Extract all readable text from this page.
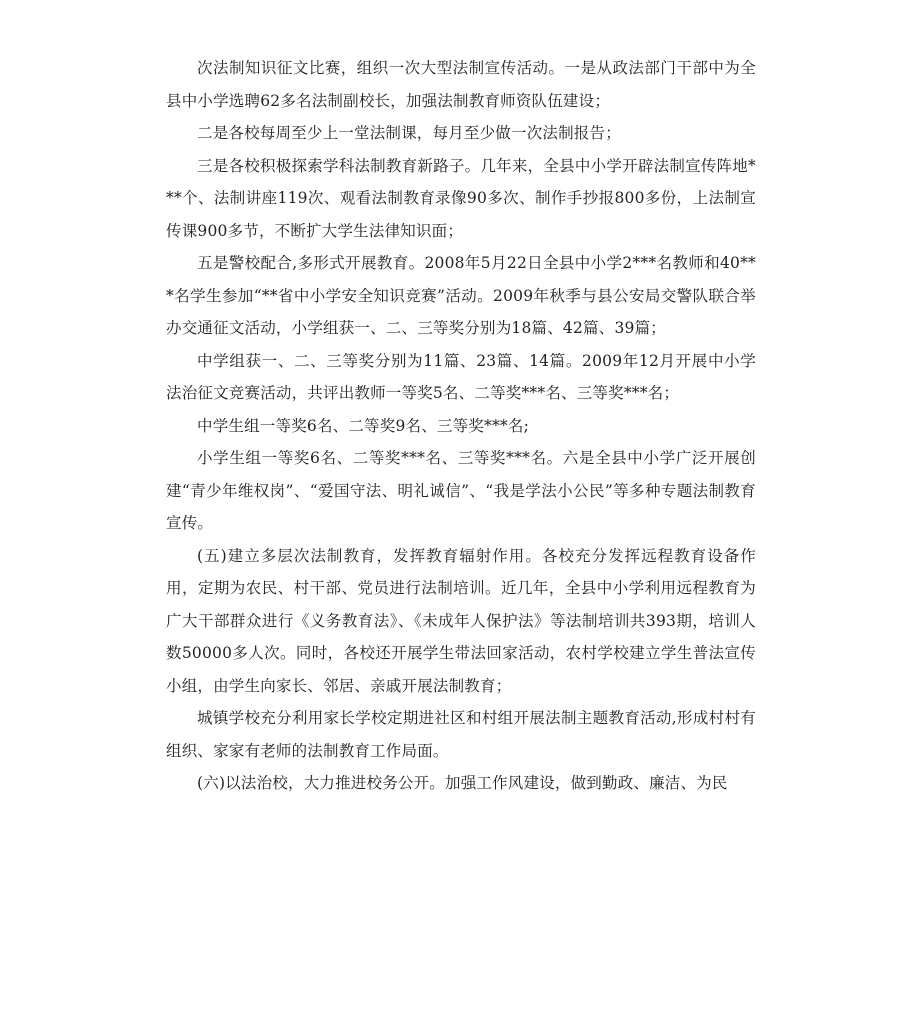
次法制知识征文比赛，组织一次大型法制宣传活动。一是从政法部门干部中为全县中小学选聘62多名法制副校长，加强法制教育师资队伍建设；

二是各校每周至少上一堂法制课，每月至少做一次法制报告；

三是各校积极探索学科法制教育新路子。几年来，全县中小学开辟法制宣传阵地***个、法制讲座119次、观看法制教育录像90多次、制作手抄报800多份，上法制宣传课900多节，不断扩大学生法律知识面；

五是警校配合,多形式开展教育。2008年5月22日全县中小学2***名教师和40***名学生参加“**省中小学安全知识竞赛”活动。2009年秋季与县公安局交警队联合举办交通征文活动，小学组获一、二、三等奖分别为18篇、42篇、39篇；

中学组获一、二、三等奖分别为11篇、23篇、14篇。2009年12月开展中小学法治征文竞赛活动，共评出教师一等奖5名、二等奖***名、三等奖***名；

中学生组一等奖6名、二等奖9名、三等奖***名;

小学生组一等奖6名、二等奖***名、三等奖***名。六是全县中小学广泛开展创建“青少年维权岗”、“爱国守法、明礼诚信”、“我是学法小公民”等多种专题法制教育宣传。

(五)建立多层次法制教育，发挥教育辐射作用。各校充分发挥远程教育设备作用，定期为农民、村干部、党员进行法制培训。近几年，全县中小学利用远程教育为广大干部群众进行《义务教育法》、《未成年人保护法》等法制培训共393期，培训人数50000多人次。同时，各校还开展学生带法回家活动，农村学校建立学生普法宣传小组，由学生向家长、邻居、亲戚开展法制教育；

城镇学校充分利用家长学校定期进社区和村组开展法制主题教育活动,形成村村有组织、家家有老师的法制教育工作局面。

(六)以法治校，大力推进校务公开。加强工作风建设，做到勤政、廉洁、为民
